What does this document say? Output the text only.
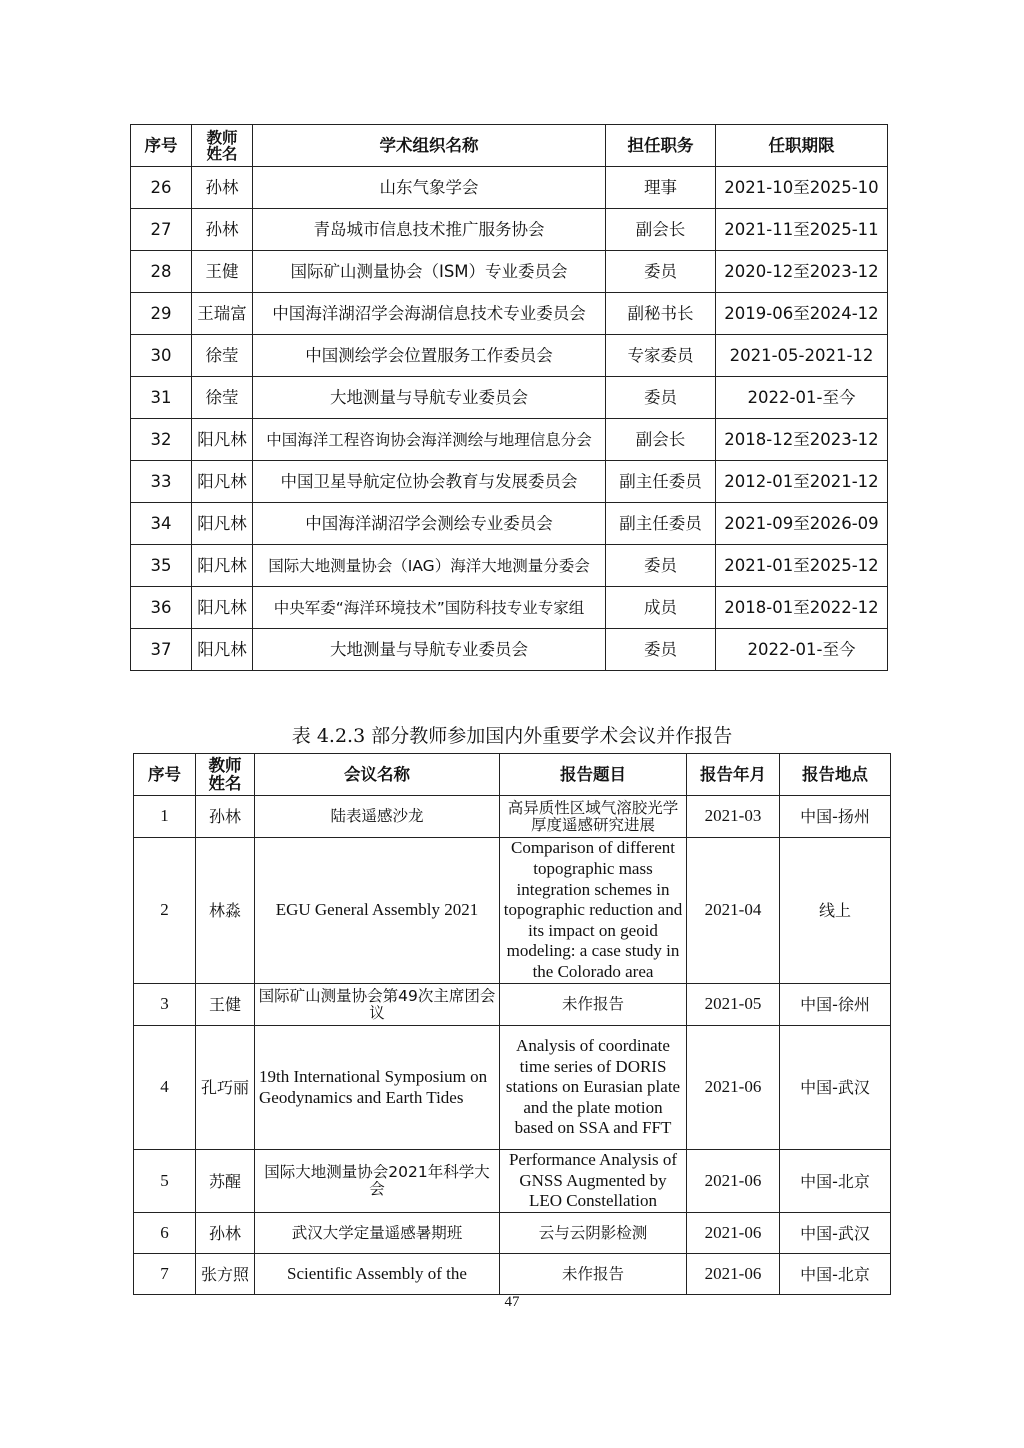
序号	教师姓名	学术组织名称	担任职务	任职期限
26	孙林	山东气象学会	理事	2021-10至2025-10
27	孙林	青岛城市信息技术推广服务协会	副会长	2021-11至2025-11
28	王健	国际矿山测量协会（ISM）专业委员会	委员	2020-12至2023-12
29	王瑞富	中国海洋湖沼学会海湖信息技术专业委员会	副秘书长	2019-06至2024-12
30	徐莹	中国测绘学会位置服务工作委员会	专家委员	2021-05-2021-12
31	徐莹	大地测量与导航专业委员会	委员	2022-01-至今
32	阳凡林	中国海洋工程咨询协会海洋测绘与地理信息分会	副会长	2018-12至2023-12
33	阳凡林	中国卫星导航定位协会教育与发展委员会	副主任委员	2012-01至2021-12
34	阳凡林	中国海洋湖沼学会测绘专业委员会	副主任委员	2021-09至2026-09
35	阳凡林	国际大地测量协会（IAG）海洋大地测量分委会	委员	2021-01至2025-12
36	阳凡林	中央军委“海洋环境技术”国防科技专业专家组	成员	2018-01至2022-12
37	阳凡林	大地测量与导航专业委员会	委员	2022-01-至今
表 4.2.3 部分教师参加国内外重要学术会议并作报告
序号	教师姓名	会议名称	报告题目	报告年月	报告地点
1	孙林	陆表遥感沙龙	高异质性区域气溶胶光学厚度遥感研究进展	2021-03	中国-扬州
2	林淼	EGU General Assembly 2021	Comparison of different topographic mass integration schemes in topographic reduction and its impact on geoid modeling: a case study in the Colorado area	2021-04	线上
3	王健	国际矿山测量协会第49次主席团会议	未作报告	2021-05	中国-徐州
4	孔巧丽	19th International Symposium on Geodynamics and Earth Tides	Analysis of coordinate time series of DORIS stations on Eurasian plate and the plate motion based on SSA and FFT	2021-06	中国-武汉
5	苏醒	国际大地测量协会2021年科学大会	Performance Analysis of GNSS Augmented by LEO Constellation	2021-06	中国-北京
6	孙林	武汉大学定量遥感暑期班	云与云阴影检测	2021-06	中国-武汉
7	张方照	Scientific Assembly of the	未作报告	2021-06	中国-北京
47
